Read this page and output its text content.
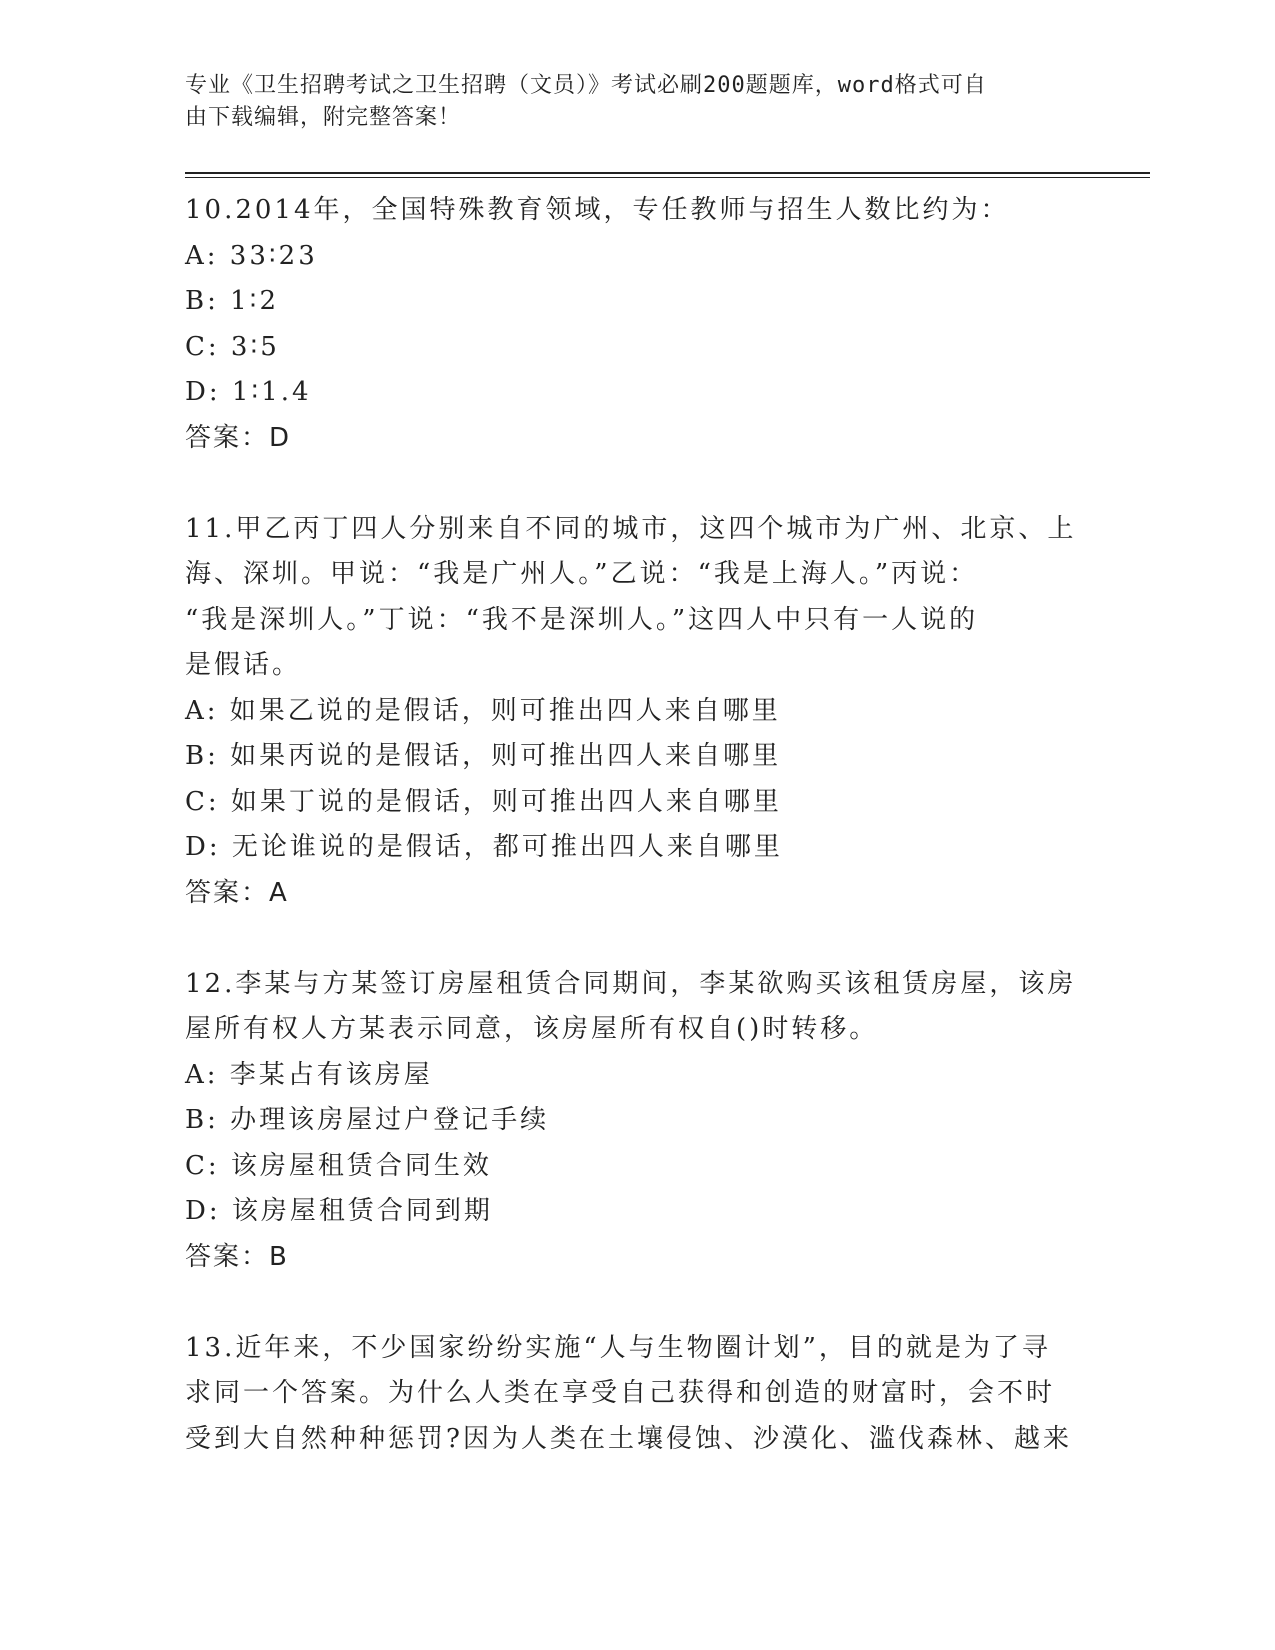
专业《卫生招聘考试之卫生招聘（文员）》考试必刷200题题库，word格式可自
由下载编辑，附完整答案！
10.2014年，全国特殊教育领域，专任教师与招生人数比约为：
A: 33∶23
B: 1∶2
C: 3∶5
D: 1∶1.4
答案：D
11.甲乙丙丁四人分别来自不同的城市，这四个城市为广州、北京、上
海、深圳。甲说：“我是广州人。”乙说：“我是上海人。”丙说：
“我是深圳人。”丁说：“我不是深圳人。”这四人中只有一人说的
是假话。
A: 如果乙说的是假话，则可推出四人来自哪里
B: 如果丙说的是假话，则可推出四人来自哪里
C: 如果丁说的是假话，则可推出四人来自哪里
D: 无论谁说的是假话，都可推出四人来自哪里
答案：A
12.李某与方某签订房屋租赁合同期间，李某欲购买该租赁房屋，该房
屋所有权人方某表示同意，该房屋所有权自()时转移。
A: 李某占有该房屋
B: 办理该房屋过户登记手续
C: 该房屋租赁合同生效
D: 该房屋租赁合同到期
答案：B
13.近年来，不少国家纷纷实施“人与生物圈计划”，目的就是为了寻
求同一个答案。为什么人类在享受自己获得和创造的财富时，会不时
受到大自然种种惩罚?因为人类在土壤侵蚀、沙漠化、滥伐森林、越来
